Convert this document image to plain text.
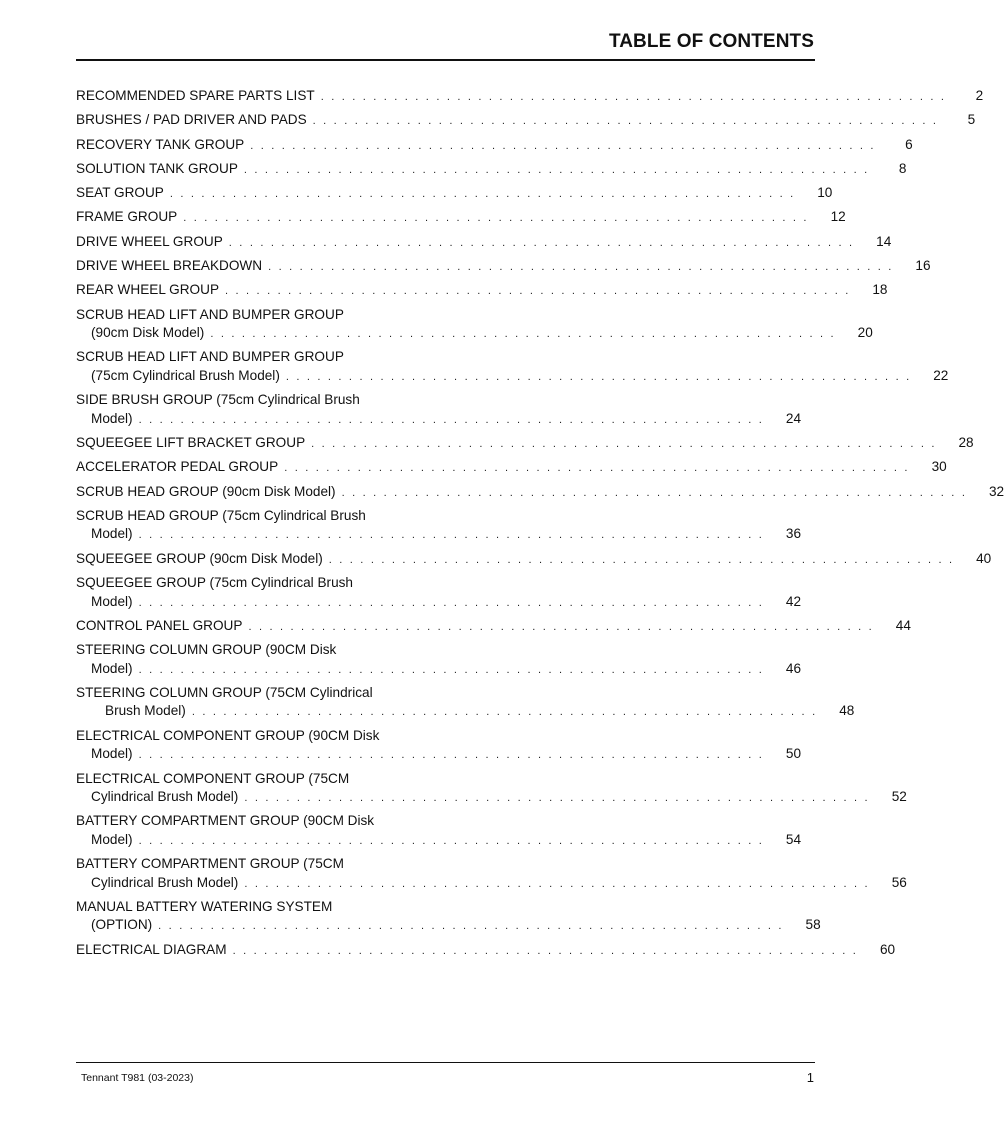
TABLE OF CONTENTS
RECOMMENDED SPARE PARTS LIST . . . . . . . . . . . . . . . . . . . . . . . . . . . . . . . . . . . . . . . . . . . . . . . . . . . . . . . . . . . .	2
BRUSHES / PAD DRIVER AND PADS . . . . . . . . . . . . . . . . . . . . . . . . . . . . . . . . . . . . . . . . . . . . . . . . . . . . . . . . . . . .	5
RECOVERY TANK GROUP . . . . . . . . . . . . . . . . . . . . . . . . . . . . . . . . . . . . . . . . . . . . . . . . . . . . . . . . . . . .	6
SOLUTION TANK GROUP . . . . . . . . . . . . . . . . . . . . . . . . . . . . . . . . . . . . . . . . . . . . . . . . . . . . . . . . . . . .	8
SEAT GROUP . . . . . . . . . . . . . . . . . . . . . . . . . . . . . . . . . . . . . . . . . . . . . . . . . . . . . . . . . . . .	10
FRAME GROUP . . . . . . . . . . . . . . . . . . . . . . . . . . . . . . . . . . . . . . . . . . . . . . . . . . . . . . . . . . . .	12
DRIVE WHEEL GROUP . . . . . . . . . . . . . . . . . . . . . . . . . . . . . . . . . . . . . . . . . . . . . . . . . . . . . . . . . . . .	14
DRIVE WHEEL BREAKDOWN . . . . . . . . . . . . . . . . . . . . . . . . . . . . . . . . . . . . . . . . . . . . . . . . . . . . . . . . . . . .	16
REAR WHEEL GROUP . . . . . . . . . . . . . . . . . . . . . . . . . . . . . . . . . . . . . . . . . . . . . . . . . . . . . . . . . . . .	18
SCRUB HEAD LIFT AND BUMPER GROUP
(90cm Disk Model) . . . . . . . . . . . . . . . . . . . . . . . . . . . . . . . . . . . . . . . . . . . . . . . . . . . . . . . . . . . .	20
SCRUB HEAD LIFT AND BUMPER GROUP
(75cm Cylindrical Brush Model) . . . . . . . . . . . . . . . . . . . . . . . . . . . . . . . . . . . . . . . . . . . . . . . . . . . . . . . . . . . .	22
SIDE BRUSH GROUP (75cm Cylindrical Brush
Model) . . . . . . . . . . . . . . . . . . . . . . . . . . . . . . . . . . . . . . . . . . . . . . . . . . . . . . . . . . . .	24
SQUEEGEE LIFT BRACKET GROUP . . . . . . . . . . . . . . . . . . . . . . . . . . . . . . . . . . . . . . . . . . . . . . . . . . . . . . . . . . . .	28
ACCELERATOR PEDAL GROUP . . . . . . . . . . . . . . . . . . . . . . . . . . . . . . . . . . . . . . . . . . . . . . . . . . . . . . . . . . . .	30
SCRUB HEAD GROUP (90cm Disk Model) . . . . . . . . . . . . . . . . . . . . . . . . . . . . . . . . . . . . . . . . . . . . . . . . . . . . . . . . . . . .	32
SCRUB HEAD GROUP (75cm Cylindrical Brush
Model) . . . . . . . . . . . . . . . . . . . . . . . . . . . . . . . . . . . . . . . . . . . . . . . . . . . . . . . . . . . .	36
SQUEEGEE GROUP (90cm Disk Model) . . . . . . . . . . . . . . . . . . . . . . . . . . . . . . . . . . . . . . . . . . . . . . . . . . . . . . . . . . . .	40
SQUEEGEE GROUP (75cm Cylindrical Brush
Model) . . . . . . . . . . . . . . . . . . . . . . . . . . . . . . . . . . . . . . . . . . . . . . . . . . . . . . . . . . . .	42
CONTROL PANEL GROUP . . . . . . . . . . . . . . . . . . . . . . . . . . . . . . . . . . . . . . . . . . . . . . . . . . . . . . . . . . . .	44
STEERING COLUMN GROUP (90CM Disk
Model) . . . . . . . . . . . . . . . . . . . . . . . . . . . . . . . . . . . . . . . . . . . . . . . . . . . . . . . . . . . .	46
STEERING COLUMN GROUP (75CM Cylindrical
Brush Model) . . . . . . . . . . . . . . . . . . . . . . . . . . . . . . . . . . . . . . . . . . . . . . . . . . . . . . . . . . . .	48
ELECTRICAL COMPONENT GROUP (90CM Disk
Model) . . . . . . . . . . . . . . . . . . . . . . . . . . . . . . . . . . . . . . . . . . . . . . . . . . . . . . . . . . . .	50
ELECTRICAL COMPONENT GROUP (75CM
Cylindrical Brush Model) . . . . . . . . . . . . . . . . . . . . . . . . . . . . . . . . . . . . . . . . . . . . . . . . . . . . . . . . . . . .	52
BATTERY COMPARTMENT GROUP (90CM Disk
Model) . . . . . . . . . . . . . . . . . . . . . . . . . . . . . . . . . . . . . . . . . . . . . . . . . . . . . . . . . . . .	54
BATTERY COMPARTMENT GROUP (75CM
Cylindrical Brush Model) . . . . . . . . . . . . . . . . . . . . . . . . . . . . . . . . . . . . . . . . . . . . . . . . . . . . . . . . . . . .	56
MANUAL BATTERY WATERING SYSTEM
(OPTION) . . . . . . . . . . . . . . . . . . . . . . . . . . . . . . . . . . . . . . . . . . . . . . . . . . . . . . . . . . . .	58
ELECTRICAL DIAGRAM . . . . . . . . . . . . . . . . . . . . . . . . . . . . . . . . . . . . . . . . . . . . . . . . . . . . . . . . . . . .	60
Tennant T981 (03-2023)	1
